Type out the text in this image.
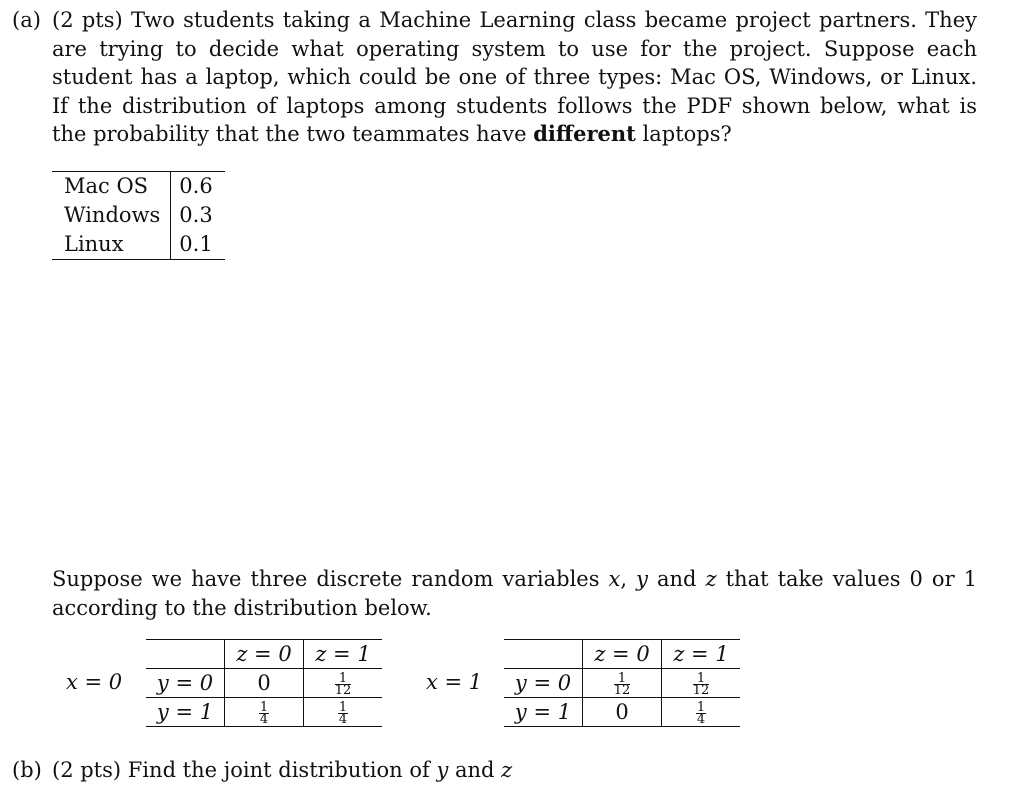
(a) (2 pts) Two students taking a Machine Learning class became project partners. They are trying to decide what operating system to use for the project. Suppose each student has a laptop, which could be one of three types: Mac OS, Windows, or Linux. If the distribution of laptops among students follows the PDF shown below, what is the probability that the two teammates have different laptops?
Mac OS	0.6
Windows	0.3
Linux	0.1
Suppose we have three discrete random variables x, y and z that take values 0 or 1 according to the distribution below.
x = 0
	z = 0	z = 1
y = 0	0	$\frac{1}{12}$

y = 1	$\frac{1}{4}$	$\frac{1}{4}$
x = 1
	z = 0	z = 1
y = 0	$\frac{1}{12}$	$\frac{1}{12}$

y = 1	0	$\frac{1}{4}$
(b) (2 pts) Find the joint distribution of y and z
